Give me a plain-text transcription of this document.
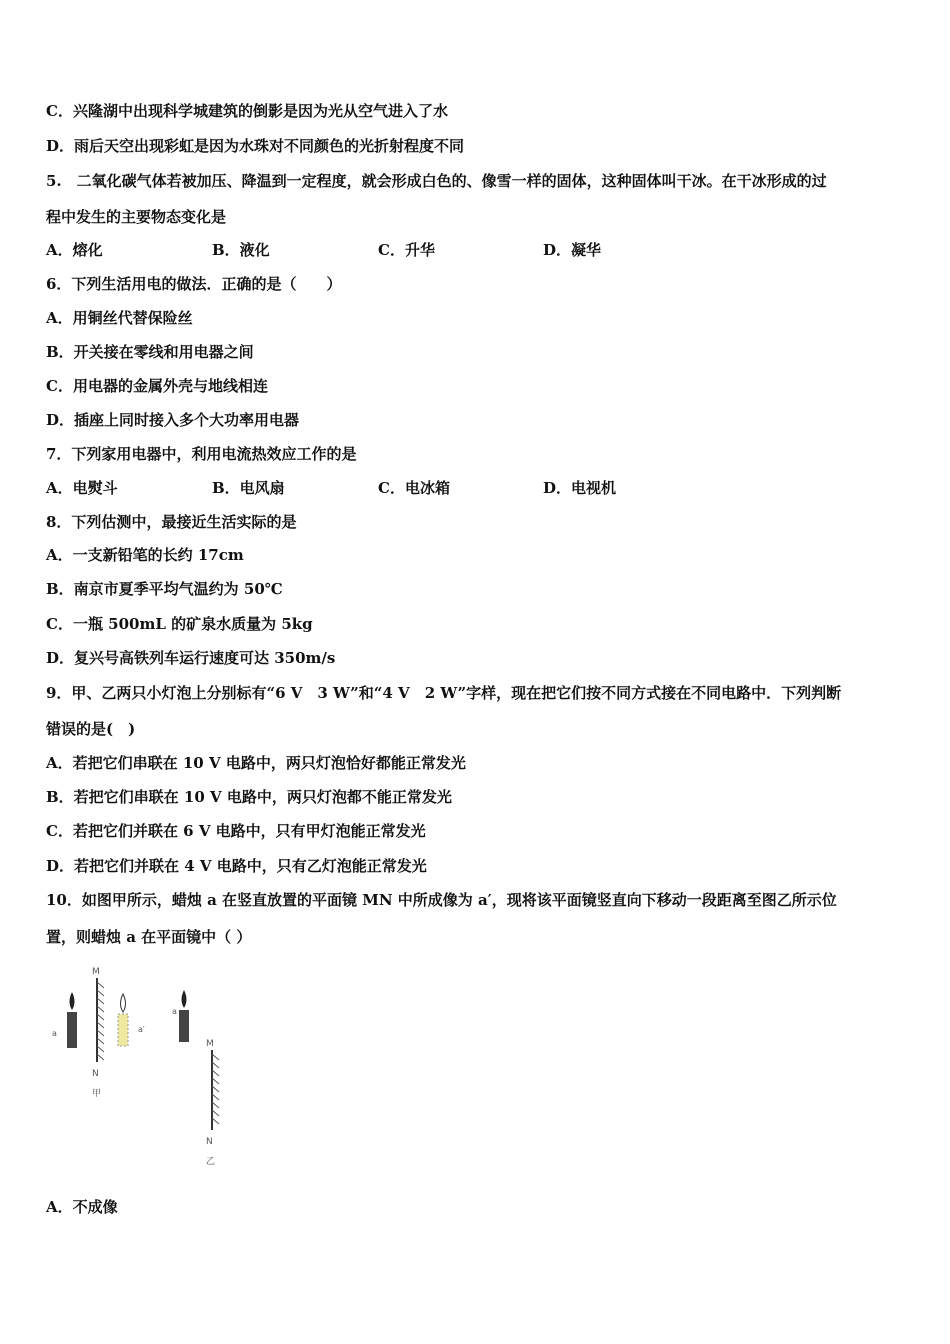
C．兴隆湖中出现科学城建筑的倒影是因为光从空气进入了水
D．雨后天空出现彩虹是因为水珠对不同颜色的光折射程度不同
5.　二氧化碳气体若被加压、降温到一定程度，就会形成白色的、像雪一样的固体，这种固体叫干冰。在干冰形成的过
程中发生的主要物态变化是
A．熔化	B．液化	C．升华	D．凝华
6．下列生活用电的做法．正确的是（　　）
A．用铜丝代替保险丝
B．开关接在零线和用电器之间
C．用电器的金属外壳与地线相连
D．插座上同时接入多个大功率用电器
7．下列家用电器中，利用电流热效应工作的是
A．电熨斗	B．电风扇	C．电冰箱	D．电视机
8．下列估测中，最接近生活实际的是
A．一支新铅笔的长约 17cm
B．南京市夏季平均气温约为 50℃
C．一瓶 500mL 的矿泉水质量为 5kg
D．复兴号高铁列车运行速度可达 350m/s
9．甲、乙两只小灯泡上分别标有“6 V　3 W”和“4 V　2 W”字样，现在把它们按不同方式接在不同电路中．下列判断
错误的是(　)
A．若把它们串联在 10 V 电路中，两只灯泡恰好都能正常发光
B．若把它们串联在 10 V 电路中，两只灯泡都不能正常发光
C．若把它们并联在 6 V 电路中，只有甲灯泡能正常发光
D．若把它们并联在 4 V 电路中，只有乙灯泡能正常发光
10．如图甲所示，蜡烛 a 在竖直放置的平面镜 MN 中所成像为 a′，现将该平面镜竖直向下移动一段距离至图乙所示位
置，则蜡烛 a 在平面镜中（ ）
M
N
甲
a	a′
a
M
N
乙
A．不成像
